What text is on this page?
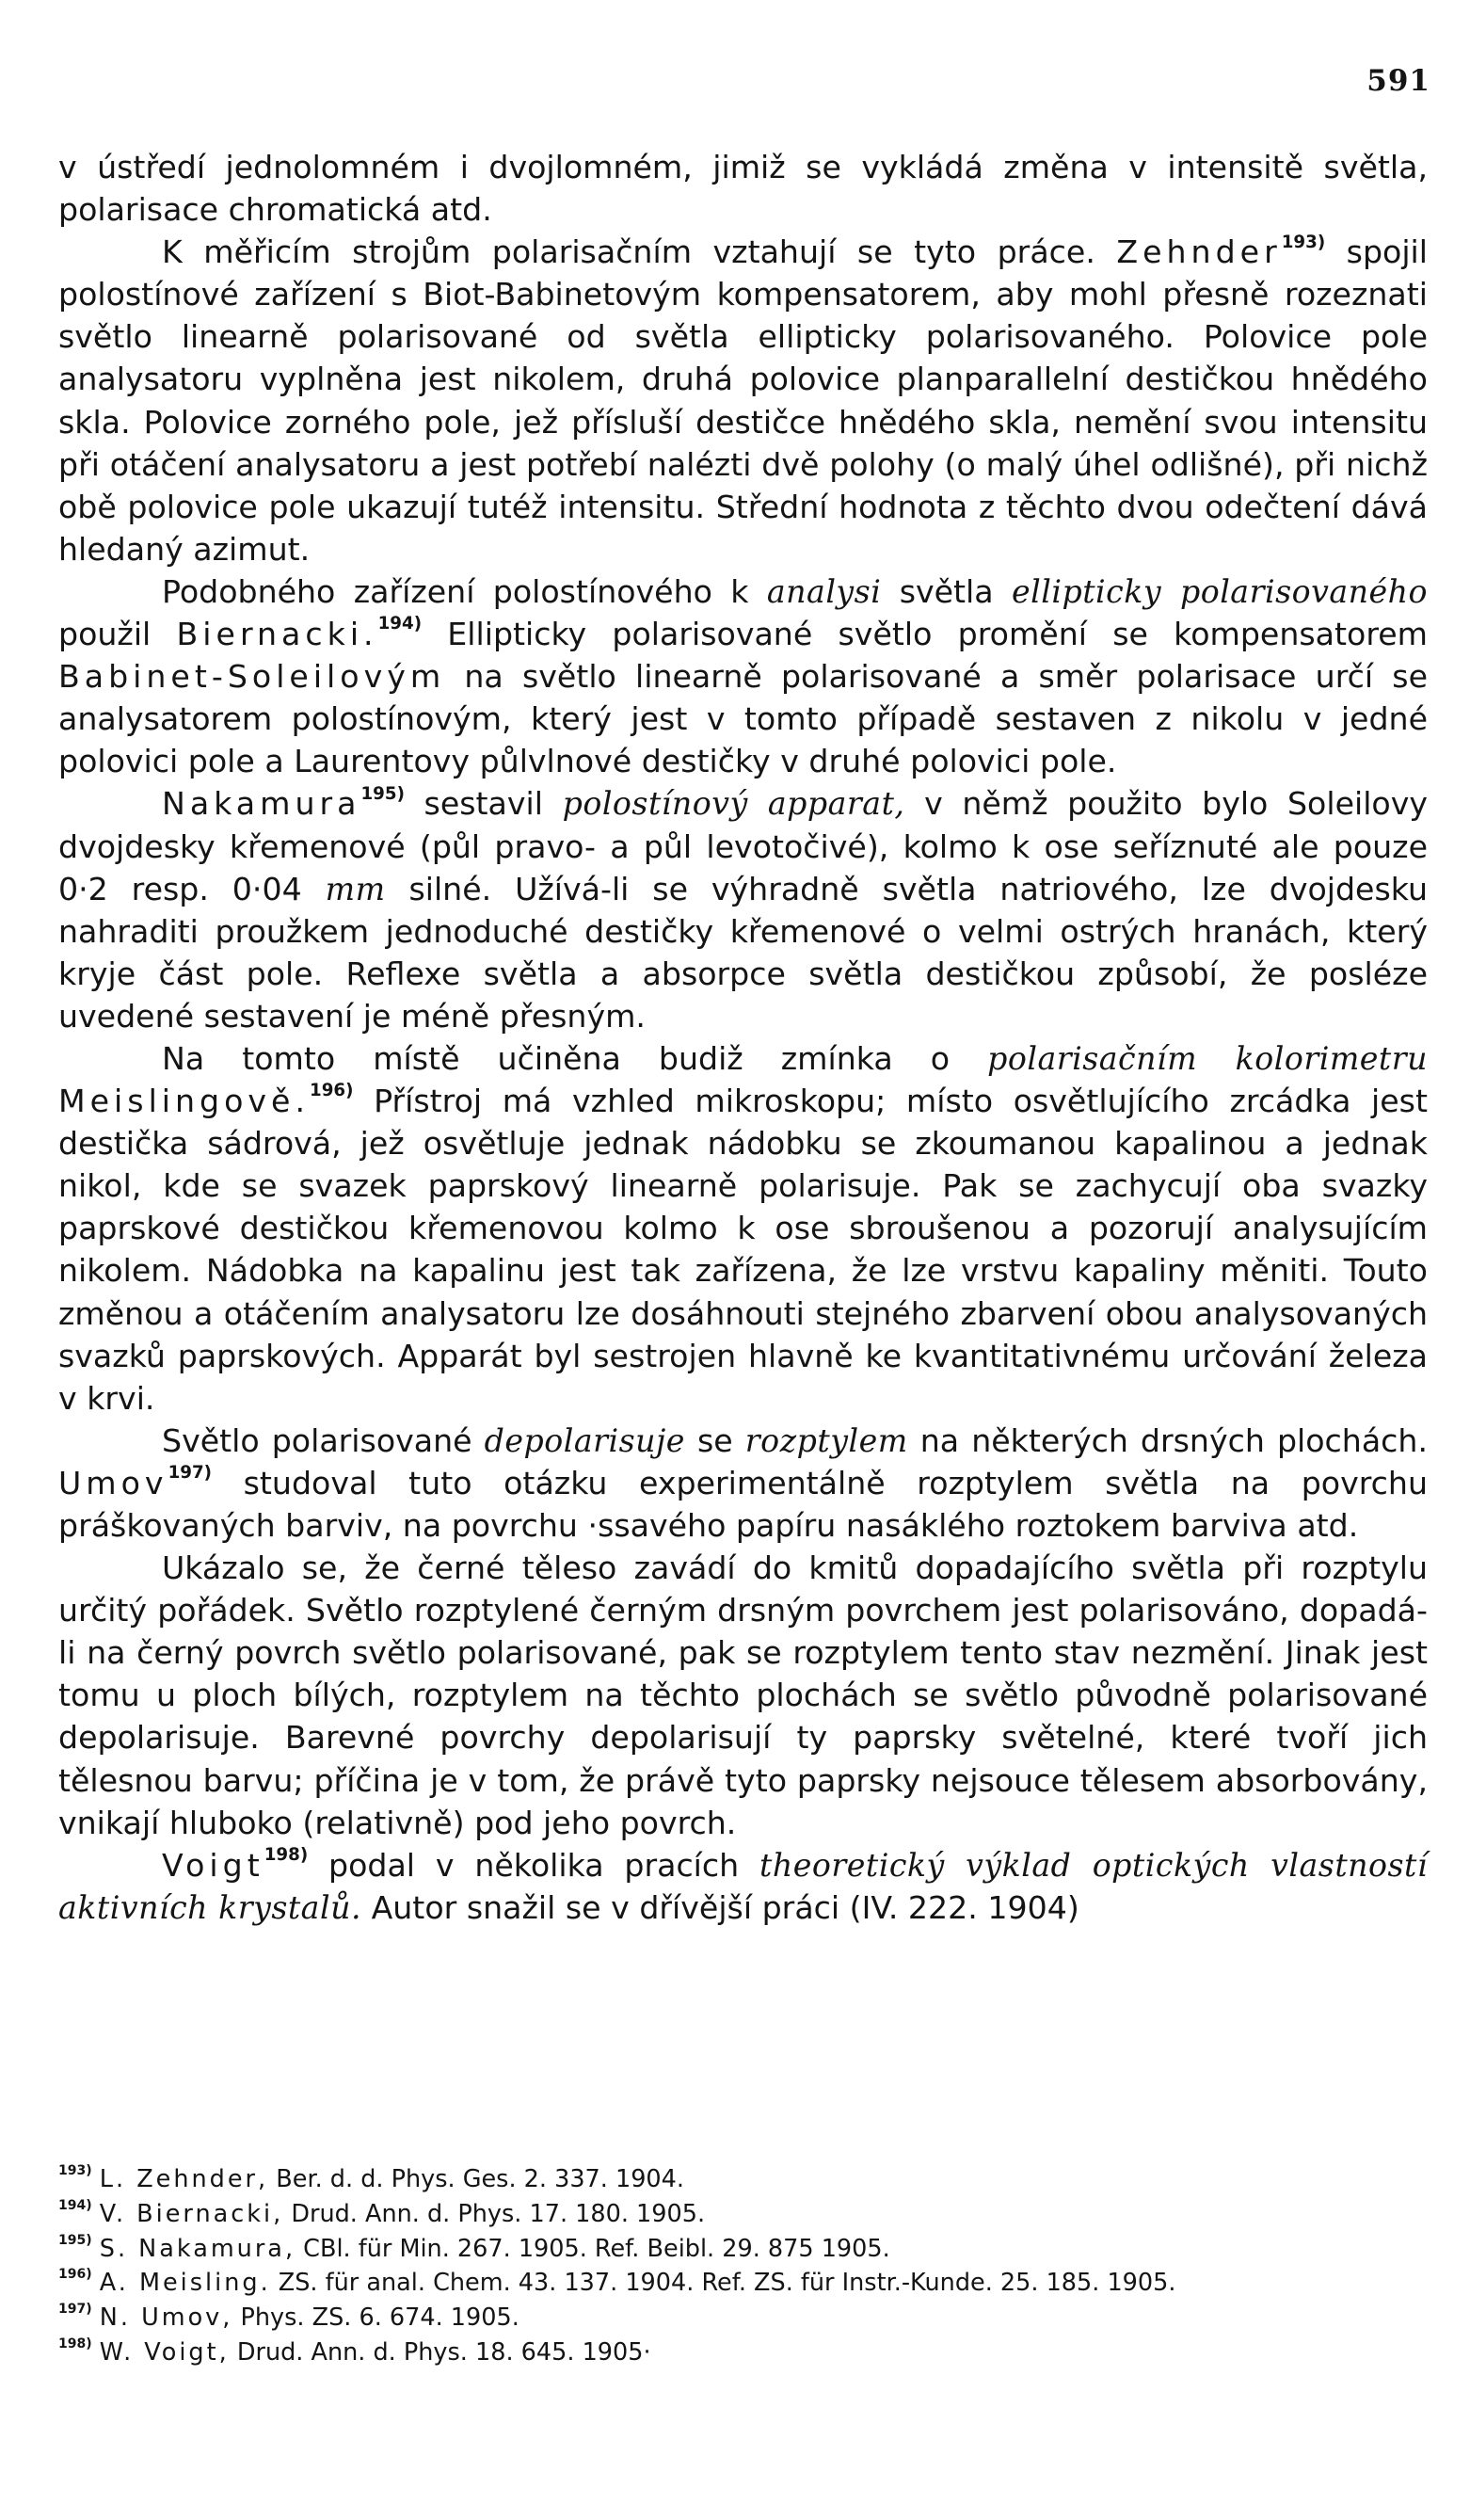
591

v ústředí jednolomném i dvojlomném, jimiž se vykládá změna v intensitě světla, polarisace chromatická atd.

K měřicím strojům polarisačním vztahují se tyto práce. Zehnder$^{193)}$ spojil polostínové zařízení s Biot-Babinetovým kompensatorem, aby mohl přesně rozeznati světlo linearně polarisované od světla ellipticky polarisovaného. Polovice pole analysatoru vyplněna jest nikolem, druhá polovice planparallelní destičkou hnědého skla. Polovice zorného pole, jež přísluší destičce hnědého skla, nemění svou intensitu při otáčení analysatoru a jest potřebí nalézti dvě polohy (o malý úhel odlišné), při nichž obě polovice pole ukazují tutéž intensitu. Střední hodnota z těchto dvou odečtení dává hledaný azimut.

Podobného zařízení polostínového k analysi světla ellipticky polarisovaného použil Biernacki.$^{194)}$ Ellipticky polarisované světlo promění se kompensatorem Babinet-Soleilovým na světlo linearně polarisované a směr polarisace určí se analysatorem polostínovým, který jest v tomto případě sestaven z nikolu v jedné polovici pole a Laurentovy půlvlnové destičky v druhé polovici pole.

Nakamura$^{195)}$ sestavil polostínový apparat, v němž použito bylo Soleilovy dvojdesky křemenové (půl pravo- a půl levotočivé), kolmo k ose seříznuté ale pouze 0·2 resp. 0·04 mm silné. Užívá-li se výhradně světla natriového, lze dvojdesku nahraditi proužkem jednoduché destičky křemenové o velmi ostrých hranách, který kryje část pole. Reflexe světla a absorpce světla destičkou způsobí, že posléze uvedené sestavení je méně přesným.

Na tomto místě učiněna budiž zmínka o polarisačním kolorimetru Meislingově.$^{196)}$ Přístroj má vzhled mikroskopu; místo osvětlujícího zrcádka jest destička sádrová, jež osvětluje jednak nádobku se zkoumanou kapalinou a jednak nikol, kde se svazek paprskový linearně polarisuje. Pak se zachycují oba svazky paprskové destičkou křemenovou kolmo k ose sbroušenou a pozorují analysujícím nikolem. Nádobka na kapalinu jest tak zařízena, že lze vrstvu kapaliny měniti. Touto změnou a otáčením analysatoru lze dosáhnouti stejného zbarvení obou analysovaných svazků paprskových. Apparát byl sestrojen hlavně ke kvantitativnému určování železa v krvi.

Světlo polarisované depolarisuje se rozptylem na některých drsných plochách. Umov$^{197)}$ studoval tuto otázku experimentálně rozptylem světla na povrchu práškovaných barviv, na povrchu ·ssavého papíru nasáklého roztokem barviva atd.

Ukázalo se, že černé těleso zavádí do kmitů dopadajícího světla při rozptylu určitý pořádek. Světlo rozptylené černým drsným povrchem jest polarisováno, dopadá-li na černý povrch světlo polarisované, pak se rozptylem tento stav nezmění. Jinak jest tomu u ploch bílých, rozptylem na těchto plochách se světlo původně polarisované depolarisuje. Barevné povrchy depolarisují ty paprsky světelné, které tvoří jich tělesnou barvu; příčina je v tom, že právě tyto paprsky nejsouce tělesem absorbovány, vnikají hluboko (relativně) pod jeho povrch.

Voigt$^{198)}$ podal v několika pracích theoretický výklad optických vlastností aktivních krystalů. Autor snažil se v dřívější práci (IV. 222. 1904)

$^{193)}$ L. Zehnder, Ber. d. d. Phys. Ges. 2. 337. 1904.

$^{194)}$ V. Biernacki, Drud. Ann. d. Phys. 17. 180. 1905.

$^{195)}$ S. Nakamura, CBl. für Min. 267. 1905. Ref. Beibl. 29. 875 1905.

$^{196)}$ A. Meisling. ZS. für anal. Chem. 43. 137. 1904. Ref. ZS. für Instr.-Kunde. 25. 185. 1905.

$^{197)}$ N. Umov, Phys. ZS. 6. 674. 1905.

$^{198)}$ W. Voigt, Drud. Ann. d. Phys. 18. 645. 1905·
